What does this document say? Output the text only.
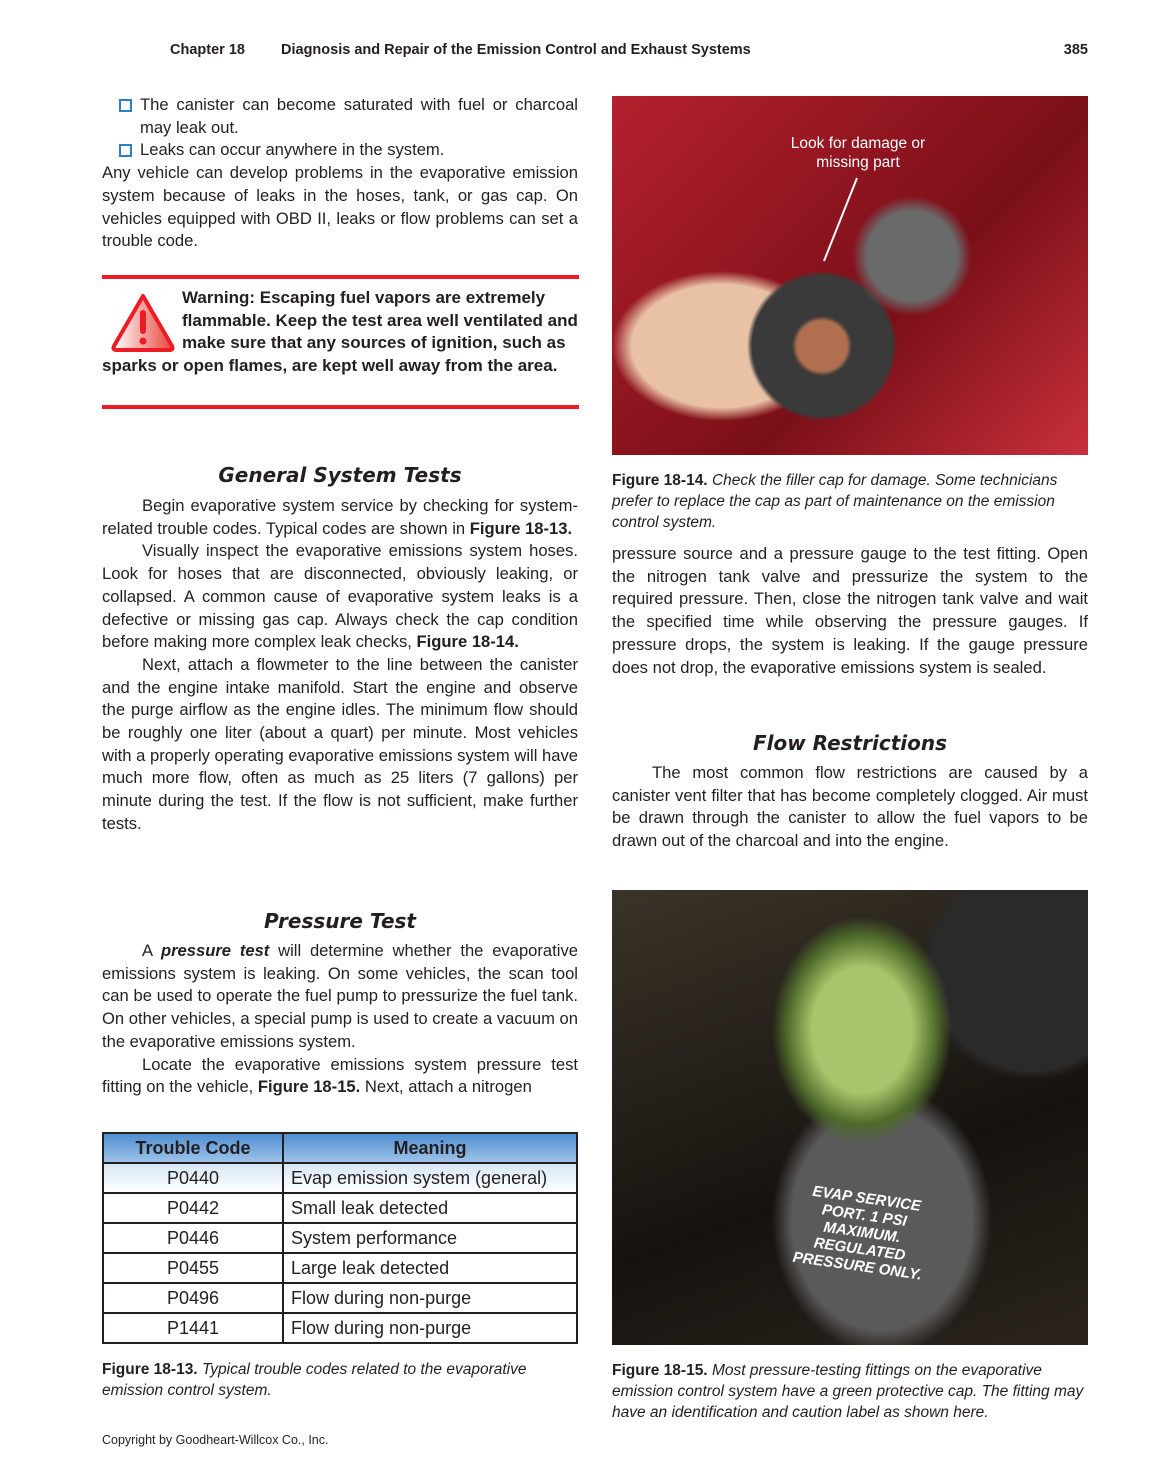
Chapter 18 Diagnosis and Repair of the Emission Control and Exhaust Systems	385
The canister can become saturated with fuel or charcoal may leak out.
Leaks can occur anywhere in the system.
Any vehicle can develop problems in the evaporative emission system because of leaks in the hoses, tank, or gas cap. On vehicles equipped with OBD II, leaks or flow problems can set a trouble code.
Warning: Escaping fuel vapors are extremely flammable. Keep the test area well ventilated and make sure that any sources of ignition, such as sparks or open flames, are kept well away from the area.
General System Tests
Begin evaporative system service by checking for system-related trouble codes. Typical codes are shown in Figure 18-13.
Visually inspect the evaporative emissions system hoses. Look for hoses that are disconnected, obviously leaking, or collapsed. A common cause of evaporative system leaks is a defective or missing gas cap. Always check the cap condition before making more complex leak checks, Figure 18-14.
Next, attach a flowmeter to the line between the canister and the engine intake manifold. Start the engine and observe the purge airflow as the engine idles. The minimum flow should be roughly one liter (about a quart) per minute. Most vehicles with a properly operating evaporative emissions system will have much more flow, often as much as 25 liters (7 gallons) per minute during the test. If the flow is not sufficient, make further tests.
Pressure Test
A pressure test will determine whether the evaporative emissions system is leaking. On some vehicles, the scan tool can be used to operate the fuel pump to pressurize the fuel tank. On other vehicles, a special pump is used to create a vacuum on the evaporative emissions system.
Locate the evaporative emissions system pressure test fitting on the vehicle, Figure 18-15. Next, attach a nitrogen
Trouble Code	Meaning
P0440	Evap emission system (general)
P0442	Small leak detected
P0446	System performance
P0455	Large leak detected
P0496	Flow during non-purge
P1441	Flow during non-purge
Figure 18-13. Typical trouble codes related to the evaporative emission control system.
Copyright by Goodheart-Willcox Co., Inc.
Look for damage or missing part
Figure 18-14. Check the filler cap for damage. Some technicians prefer to replace the cap as part of maintenance on the emission control system.
pressure source and a pressure gauge to the test fitting. Open the nitrogen tank valve and pressurize the system to the required pressure. Then, close the nitrogen tank valve and wait the specified time while observing the pressure gauges. If pressure drops, the system is leaking. If the gauge pressure does not drop, the evaporative emissions system is sealed.
Flow Restrictions
The most common flow restrictions are caused by a canister vent filter that has become completely clogged. Air must be drawn through the canister to allow the fuel vapors to be drawn out of the charcoal and into the engine.
EVAP SERVICE PORT. 1 PSI MAXIMUM. REGULATED PRESSURE ONLY.
Figure 18-15. Most pressure-testing fittings on the evaporative emission control system have a green protective cap. The fitting may have an identification and caution label as shown here.
